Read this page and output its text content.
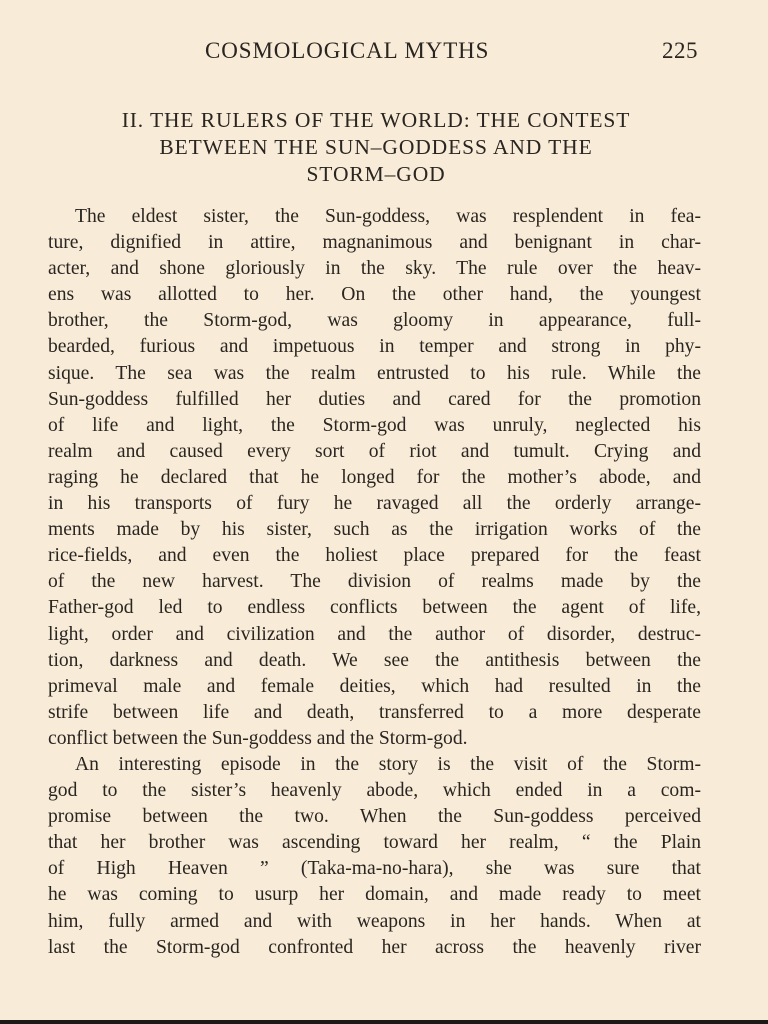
COSMOLOGICAL MYTHS	225
II. THE RULERS OF THE WORLD: THE CONTEST
BETWEEN THE SUN–GODDESS AND THE
STORM–GOD
The eldest sister, the Sun-goddess, was resplendent in fea-
ture, dignified in attire, magnanimous and benignant in char-
acter, and shone gloriously in the sky. The rule over the heav-
ens was allotted to her. On the other hand, the youngest
brother, the Storm-god, was gloomy in appearance, full-
bearded, furious and impetuous in temper and strong in phy-
sique. The sea was the realm entrusted to his rule. While the
Sun-goddess fulfilled her duties and cared for the promotion
of life and light, the Storm-god was unruly, neglected his
realm and caused every sort of riot and tumult. Crying and
raging he declared that he longed for the mother’s abode, and
in his transports of fury he ravaged all the orderly arrange-
ments made by his sister, such as the irrigation works of the
rice-fields, and even the holiest place prepared for the feast
of the new harvest. The division of realms made by the
Father-god led to endless conflicts between the agent of life,
light, order and civilization and the author of disorder, destruc-
tion, darkness and death. We see the antithesis between the
primeval male and female deities, which had resulted in the
strife between life and death, transferred to a more desperate
conflict between the Sun-goddess and the Storm-god.
An interesting episode in the story is the visit of the Storm-
god to the sister’s heavenly abode, which ended in a com-
promise between the two. When the Sun-goddess perceived
that her brother was ascending toward her realm, “ the Plain
of High Heaven ” (Taka-ma-no-hara), she was sure that
he was coming to usurp her domain, and made ready to meet
him, fully armed and with weapons in her hands. When at
last the Storm-god confronted her across the heavenly river
